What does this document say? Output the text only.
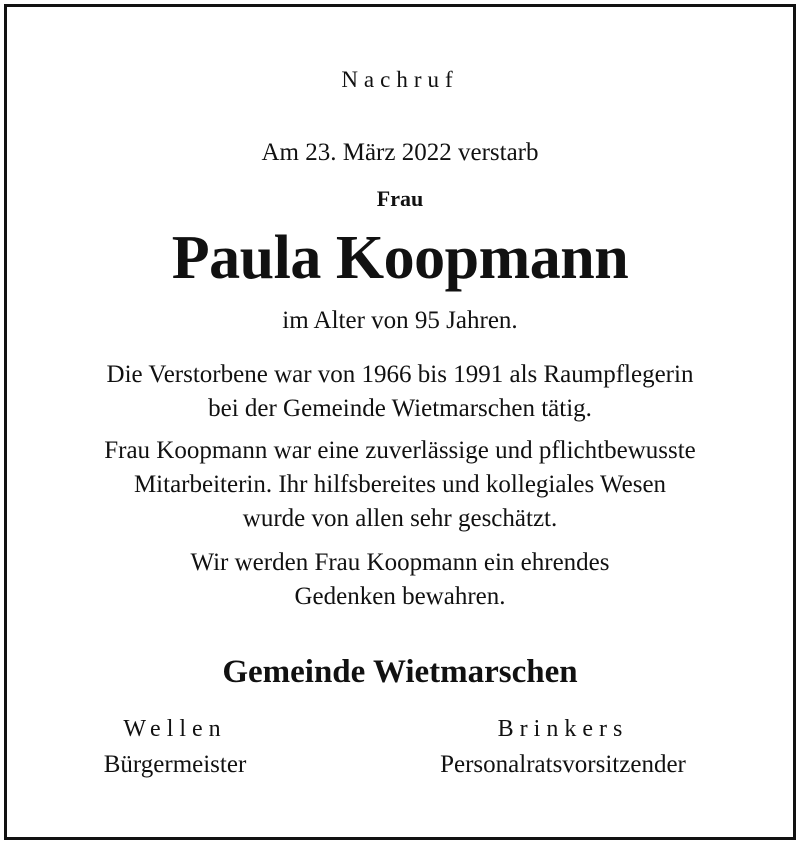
Nachruf
Am 23. März 2022 verstarb
Frau
Paula Koopmann
im Alter von 95 Jahren.
Die Verstorbene war von 1966 bis 1991 als Raumpflegerin
bei der Gemeinde Wietmarschen tätig.
Frau Koopmann war eine zuverlässige und pflichtbewusste
Mitarbeiterin. Ihr hilfsbereites und kollegiales Wesen
wurde von allen sehr geschätzt.
Wir werden Frau Koopmann ein ehrendes
Gedenken bewahren.
Gemeinde Wietmarschen
Wellen
Bürgermeister
Brinkers
Personalratsvorsitzender
